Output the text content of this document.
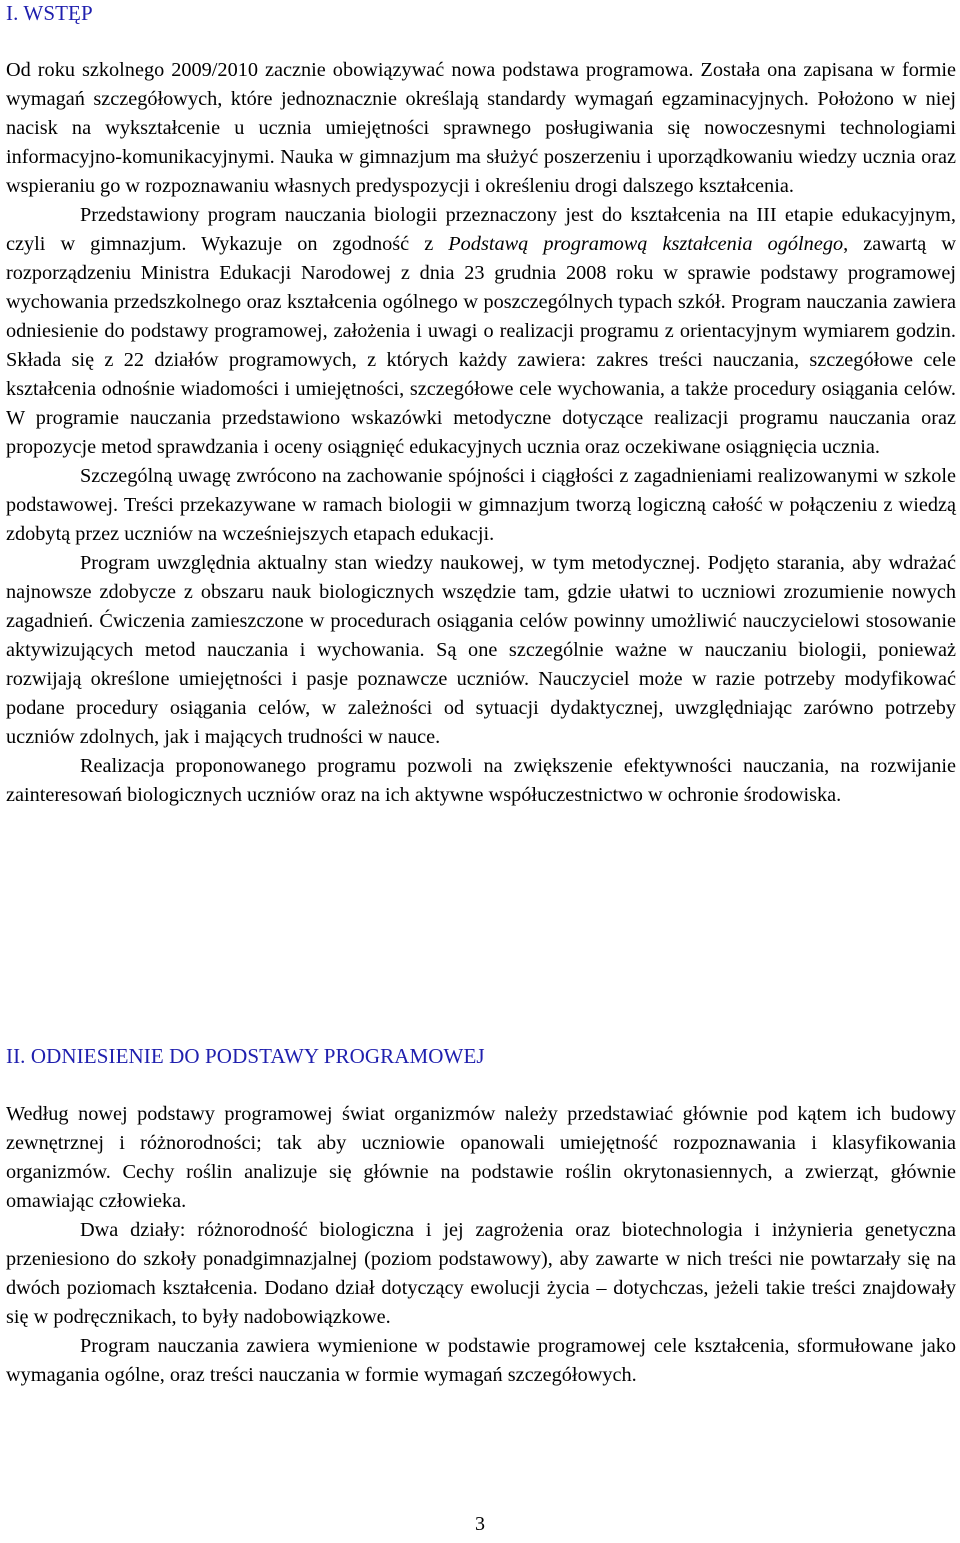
I. WSTĘP

Od roku szkolnego 2009/2010 zacznie obowiązywać nowa podstawa programowa. Została ona zapisana w formie wymagań szczegółowych, które jednoznacznie określają standardy wymagań egzaminacyjnych. Położono w niej nacisk na wykształcenie u ucznia umiejętności sprawnego posługiwania się nowoczesnymi technologiami informacyjno-komunikacyjnymi. Nauka w gimnazjum ma służyć poszerzeniu i uporządkowaniu wiedzy ucznia oraz wspieraniu go w rozpoznawaniu własnych predyspozycji i określeniu drogi dalszego kształcenia.

Przedstawiony program nauczania biologii przeznaczony jest do kształcenia na III etapie edukacyjnym, czyli w gimnazjum. Wykazuje on zgodność z Podstawą programową kształcenia ogólnego, zawartą w rozporządzeniu Ministra Edukacji Narodowej z dnia 23 grudnia 2008 roku w sprawie podstawy programowej wychowania przedszkolnego oraz kształcenia ogólnego w poszczególnych typach szkół. Program nauczania zawiera odniesienie do podstawy programowej, założenia i uwagi o realizacji programu z orientacyjnym wymiarem godzin. Składa się z 22 działów programowych, z których każdy zawiera: zakres treści nauczania, szczegółowe cele kształcenia odnośnie wiadomości i umiejętności, szczegółowe cele wychowania, a także procedury osiągania celów. W programie nauczania przedstawiono wskazówki metodyczne dotyczące realizacji programu nauczania oraz propozycje metod sprawdzania i oceny osiągnięć edukacyjnych ucznia oraz oczekiwane osiągnięcia ucznia.

Szczególną uwagę zwrócono na zachowanie spójności i ciągłości z zagadnieniami realizowanymi w szkole podstawowej. Treści przekazywane w ramach biologii w gimnazjum tworzą logiczną całość w połączeniu z wiedzą zdobytą przez uczniów na wcześniejszych etapach edukacji.

Program uwzględnia aktualny stan wiedzy naukowej, w tym metodycznej. Podjęto starania, aby wdrażać najnowsze zdobycze z obszaru nauk biologicznych wszędzie tam, gdzie ułatwi to uczniowi zrozumienie nowych zagadnień. Ćwiczenia zamieszczone w procedurach osiągania celów powinny umożliwić nauczycielowi stosowanie aktywizujących metod nauczania i wychowania. Są one szczególnie ważne w nauczaniu biologii, ponieważ rozwijają określone umiejętności i pasje poznawcze uczniów. Nauczyciel może w razie potrzeby modyfikować podane procedury osiągania celów, w zależności od sytuacji dydaktycznej, uwzględniając zarówno potrzeby uczniów zdolnych, jak i mających trudności w nauce.

Realizacja proponowanego programu pozwoli na zwiększenie efektywności nauczania, na rozwijanie zainteresowań biologicznych uczniów oraz na ich aktywne współuczestnictwo w ochronie środowiska.

II. ODNIESIENIE DO PODSTAWY PROGRAMOWEJ

Według nowej podstawy programowej świat organizmów należy przedstawiać głównie pod kątem ich budowy zewnętrznej i różnorodności; tak aby uczniowie opanowali umiejętność rozpoznawania i klasyfikowania organizmów. Cechy roślin analizuje się głównie na podstawie roślin okrytonasiennych, a zwierząt, głównie omawiając człowieka.

Dwa działy: różnorodność biologiczna i jej zagrożenia oraz biotechnologia i inżynieria genetyczna przeniesiono do szkoły ponadgimnazjalnej (poziom podstawowy), aby zawarte w nich treści nie powtarzały się na dwóch poziomach kształcenia. Dodano dział dotyczący ewolucji życia – dotychczas, jeżeli takie treści znajdowały się w podręcznikach, to były nadobowiązkowe.

Program nauczania zawiera wymienione w podstawie programowej cele kształcenia, sformułowane jako wymagania ogólne, oraz treści nauczania w formie wymagań szczegółowych.

3
